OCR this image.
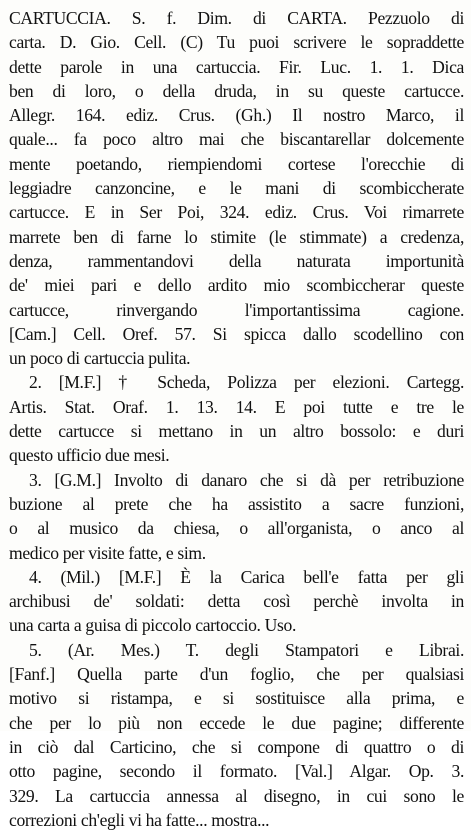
CARTUCCIA. S. f. Dim. di CARTA. Pezzuolo di
carta. D. Gio. Cell. (C) Tu puoi scrivere le sopraddette
dette parole in una cartuccia. Fir. Luc. 1. 1. Dica
ben di loro, o della druda, in su queste cartucce.
Allegr. 164. ediz. Crus. (Gh.) Il nostro Marco, il
quale... fa poco altro mai che biscantarellar dolcemente
mente poetando, riempiendomi cortese l'orecchie di
leggiadre canzoncine, e le mani di scombiccherate
cartucce. E in Ser Poi, 324. ediz. Crus. Voi rimarrete
marrete ben di farne lo stimite (le stimmate) a credenza,
denza, rammentandovi della naturata importunità
de' miei pari e dello ardito mio scombiccherar queste
cartucce, rinvergando l'importantissima cagione.
[Cam.] Cell. Oref. 57. Si spicca dallo scodellino con
un poco di cartuccia pulita.
2. [M.F.] † Scheda, Polizza per elezioni. Cartegg.
Artis. Stat. Oraf. 1. 13. 14. E poi tutte e tre le
dette cartucce si mettano in un altro bossolo: e duri
questo ufficio due mesi.
3. [G.M.] Involto di danaro che si dà per retribuzione
buzione al prete che ha assistito a sacre funzioni,
o al musico da chiesa, o all'organista, o anco al
medico per visite fatte, e sim.
4. (Mil.) [M.F.] È la Carica bell'e fatta per gli
archibusi de' soldati: detta così perchè involta in
una carta a guisa di piccolo cartoccio. Uso.
5. (Ar. Mes.) T. degli Stampatori e Librai.
[Fanf.] Quella parte d'un foglio, che per qualsiasi
motivo si ristampa, e si sostituisce alla prima, e
che per lo più non eccede le due pagine; differente
in ciò dal Carticino, che si compone di quattro o di
otto pagine, secondo il formato. [Val.] Algar. Op. 3.
329. La cartuccia annessa al disegno, in cui sono le
correzioni ch'egli vi ha fatte... mostra...
